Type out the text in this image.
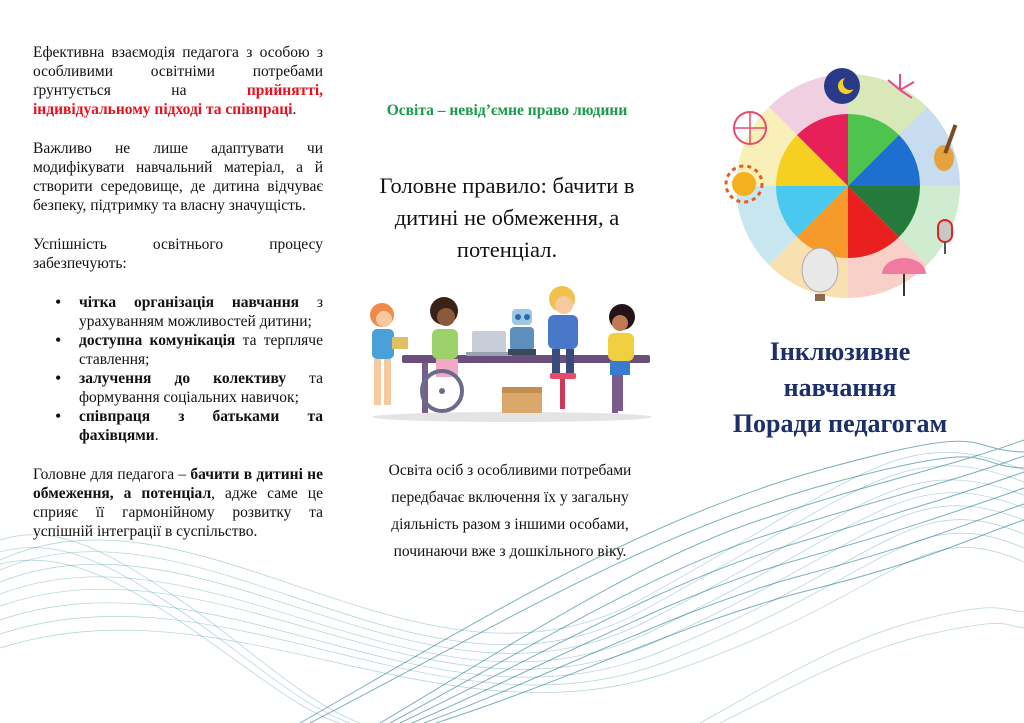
Ефективна взаємодія педагога з особою з особливими освітніми потребами ґрунтується на прийнятті, індивідуальному підході та співпраці.

Важливо не лише адаптувати чи модифікувати навчальний матеріал, а й створити середовище, де дитина відчуває безпеку, підтримку та власну значущість.

Успішність освітнього процесу забезпечують:

• чітка організація навчання з урахуванням можливостей дитини;
• доступна комунікація та терпляче ставлення;
• залучення до колективу та формування соціальних навичок;
• співпраця з батьками та фахівцями.

Головне для педагога – бачити в дитині не обмеження, а потенціал, адже саме це сприяє її гармонійному розвитку та успішній інтеграції в суспільство.

Освіта – невід’ємне право людини

Головне правило: бачити в дитині не обмеження, а потенціал.

Освіта осіб з особливими потребами передбачає включення їх у загальну діяльність разом з іншими особами, починаючи вже з дошкільного віку.

Інклюзивне
навчання
Поради педагогам
